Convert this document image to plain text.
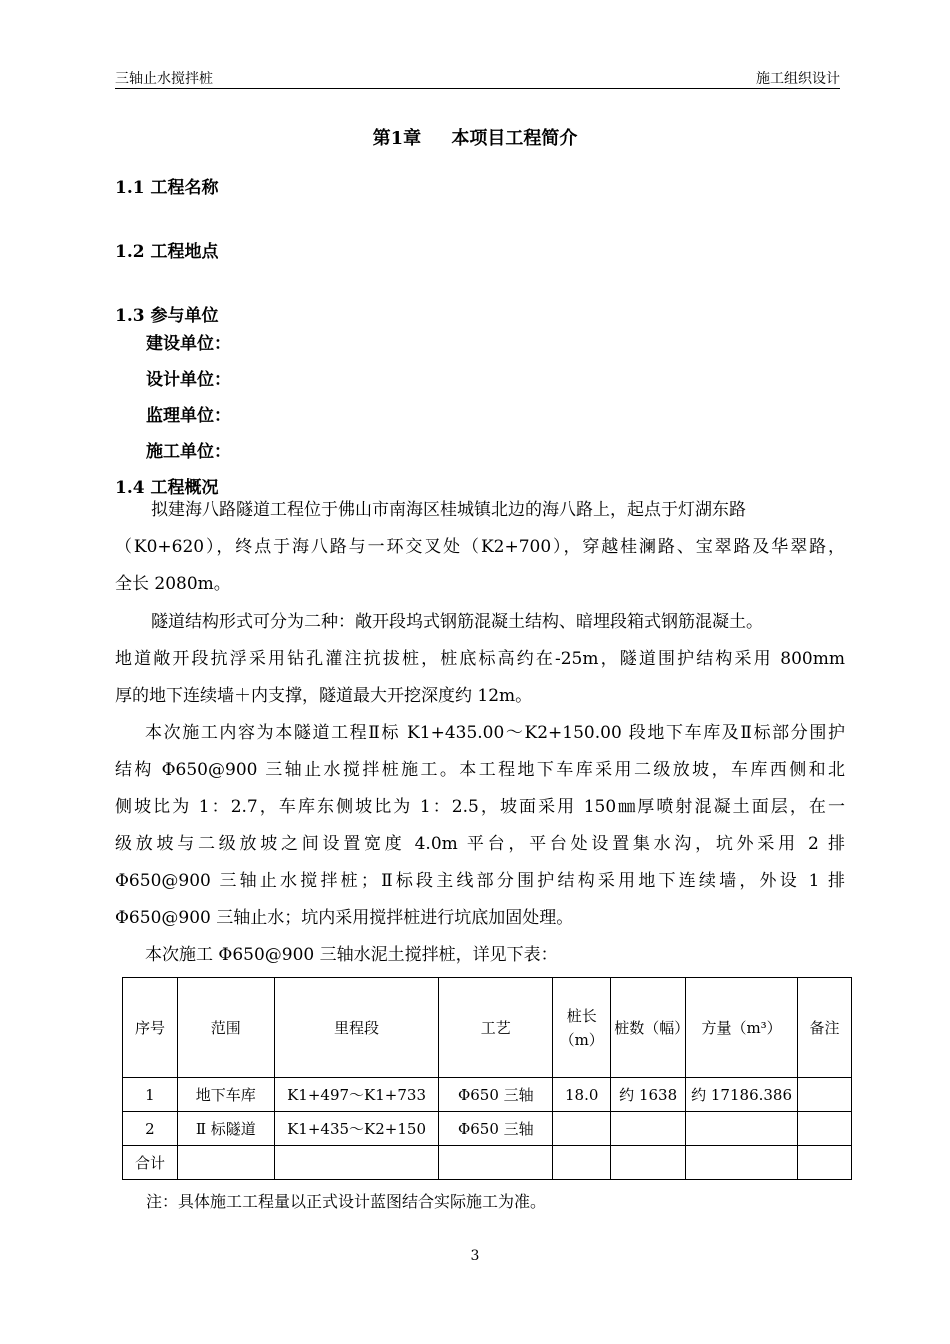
三轴止水搅拌桩	施工组织设计
第1章 本项目工程简介
1.1 工程名称
1.2 工程地点
1.3 参与单位
建设单位：
设计单位：
监理单位：
施工单位：
1.4 工程概况
拟建海八路隧道工程位于佛山市南海区桂城镇北边的海八路上，起点于灯湖东路
（K0+620），终点于海八路与一环交叉处（K2+700），穿越桂澜路、宝翠路及华翠路，
全长 2080m。
隧道结构形式可分为二种：敞开段坞式钢筋混凝土结构、暗埋段箱式钢筋混凝土。
地道敞开段抗浮采用钻孔灌注抗拔桩，桩底标高约在-25m，隧道围护结构采用 800mm
厚的地下连续墙＋内支撑，隧道最大开挖深度约 12m。
本次施工内容为本隧道工程Ⅱ标 K1+435.00～K2+150.00 段地下车库及Ⅱ标部分围护
结构 Φ650@900 三轴止水搅拌桩施工。本工程地下车库采用二级放坡，车库西侧和北
侧坡比为 1：2.7，车库东侧坡比为 1：2.5，坡面采用 150㎜厚喷射混凝土面层，在一
级放坡与二级放坡之间设置宽度 4.0m 平台，平台处设置集水沟，坑外采用 2 排
Φ650@900 三轴止水搅拌桩；Ⅱ标段主线部分围护结构采用地下连续墙，外设 1 排
Φ650@900 三轴止水；坑内采用搅拌桩进行坑底加固处理。
本次施工 Φ650@900 三轴水泥土搅拌桩，详见下表：
序号	范围	里程段	工艺	桩长（m）	桩数（幅）	方量（m³）	备注
1	地下车库	K1+497～K1+733	Φ650 三轴	18.0	约 1638	约 17186.386	
2	Ⅱ 标隧道	K1+435～K2+150	Φ650 三轴				
合计							
注：具体施工工程量以正式设计蓝图结合实际施工为准。
3
